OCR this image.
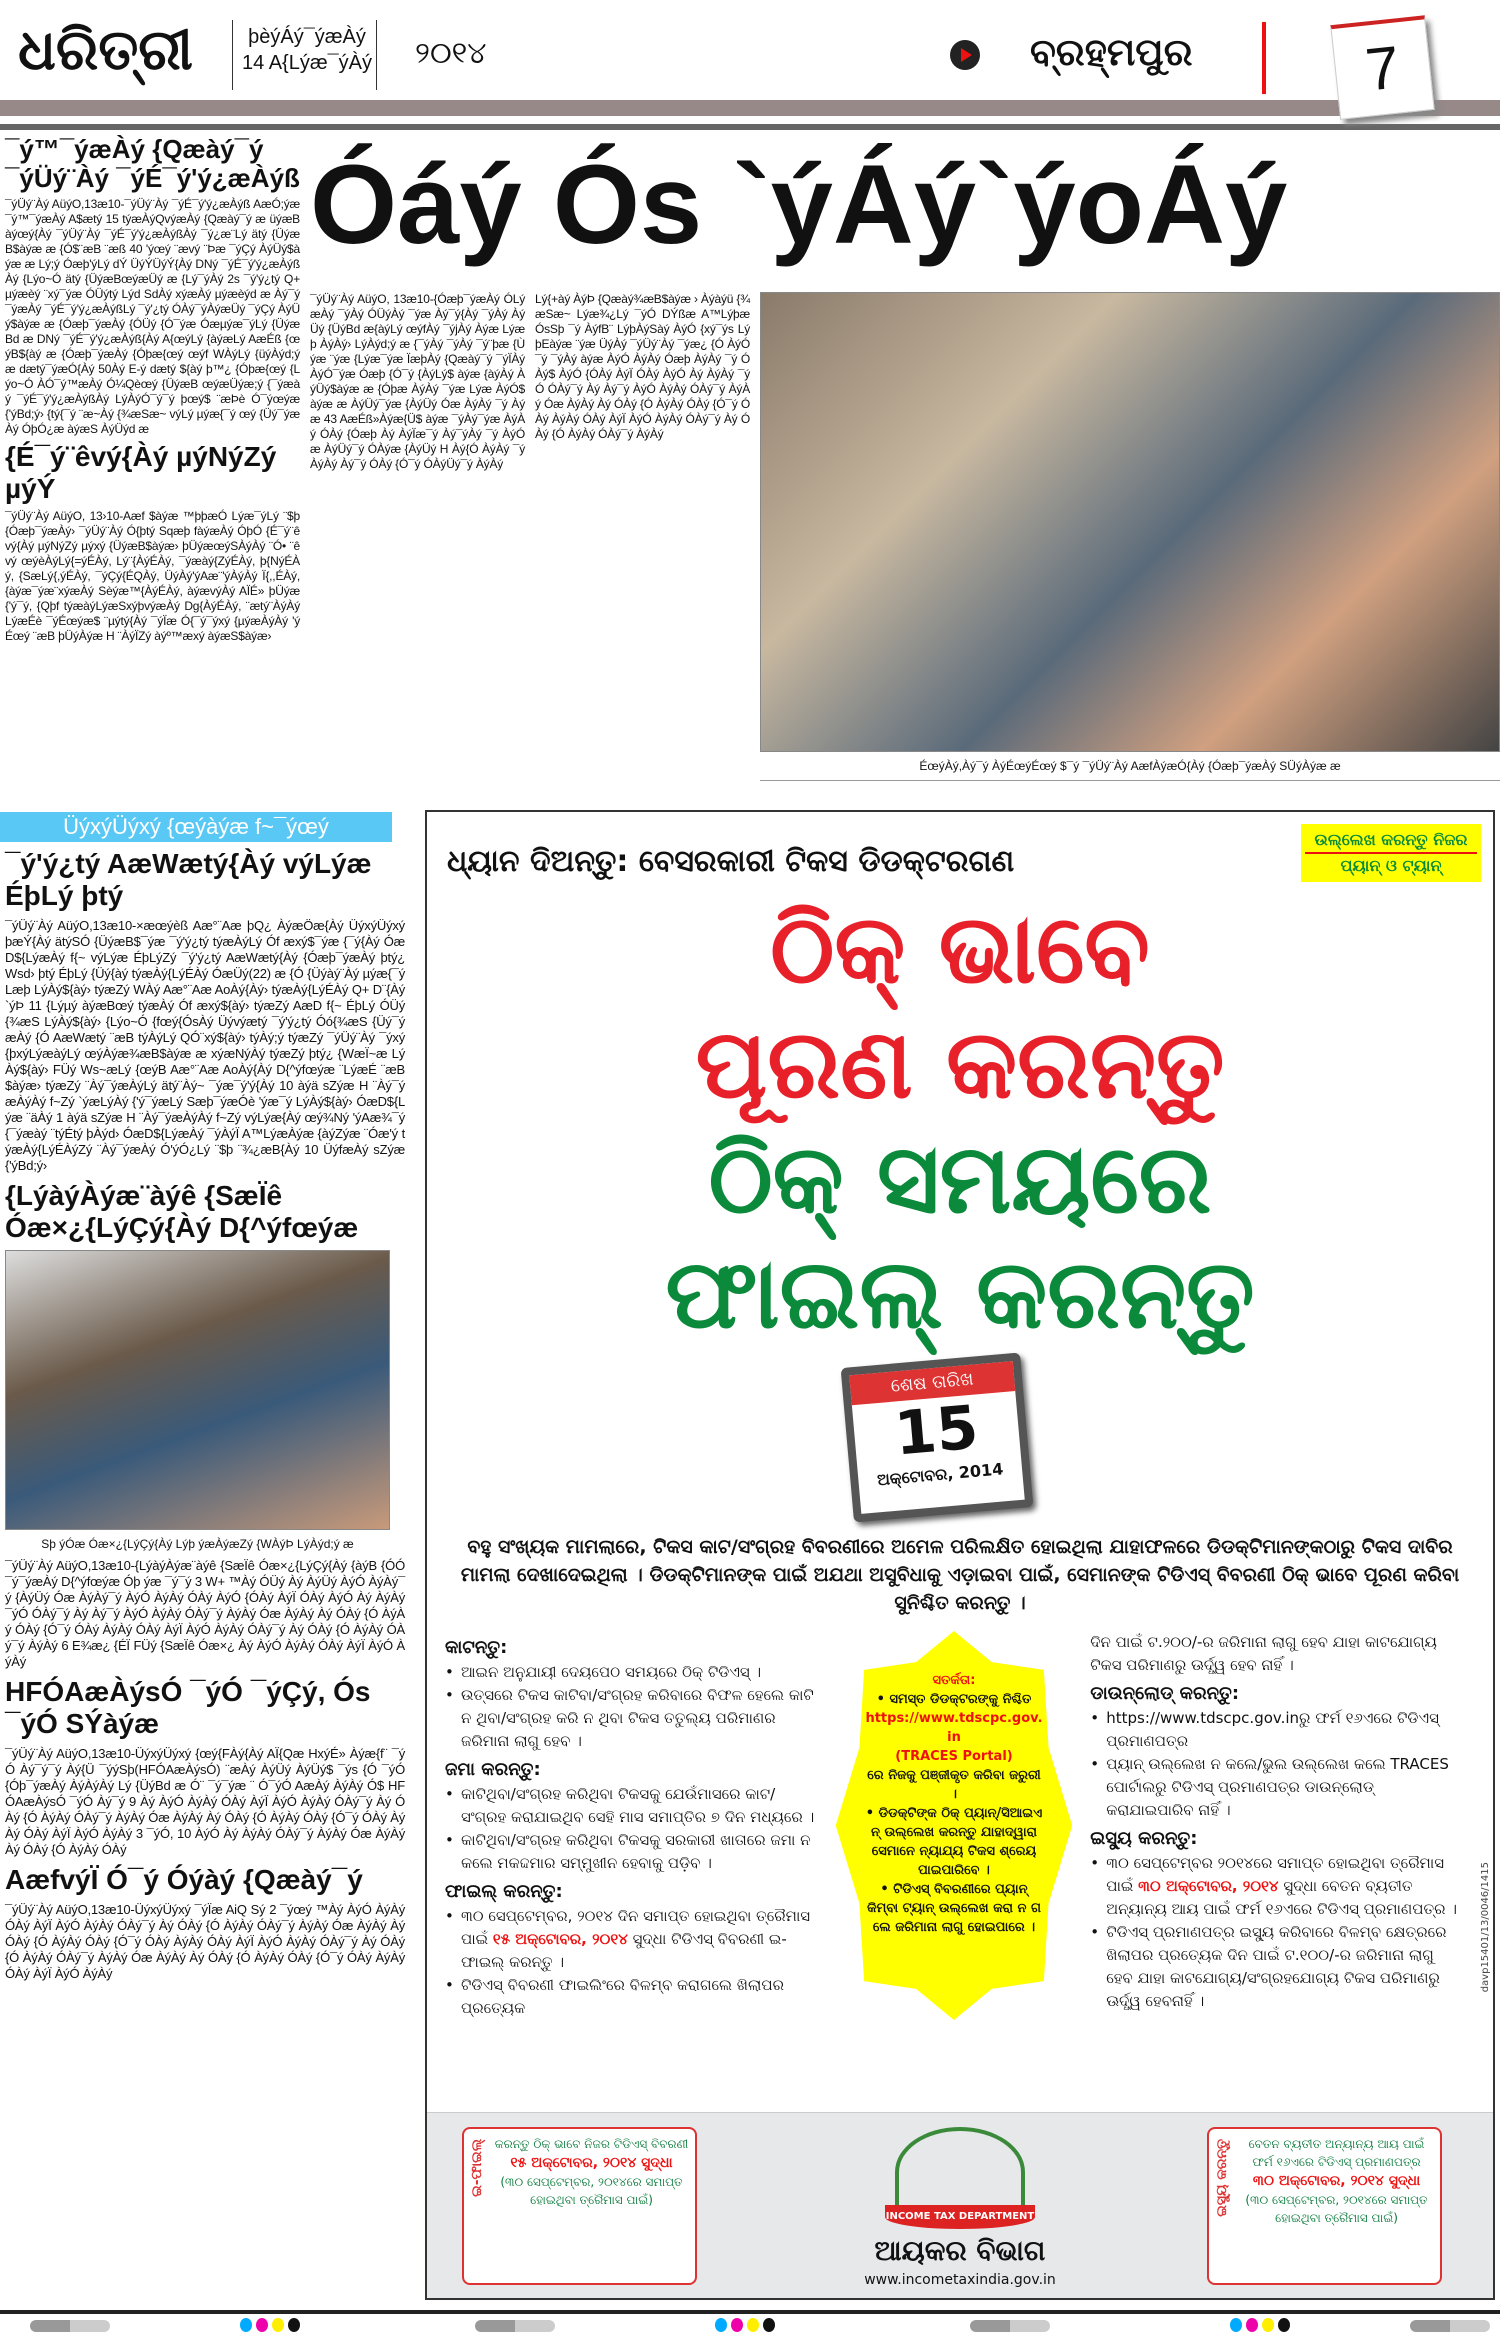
ଧରିତ୍ରୀ	þèýÁý¯ýæÀý
14 A{Lýæ¯ýÀý ୨୦୧୪	ବ୍ରହ୍ମପୁର	7
¯ý™¯ýæÀý {Qæàý¯ý ¯ýÜý¨Àý ¯ýÉ¯ý'ý¿æÀýß
¯ýÜý¨Àý AüýO,13æ10-¯ýÜý¨Àý ¯ýÉ¯ý'ý¿æÀýß AæÓ;ýæ ¯ý™¯ýæÀý A$ætý 15 týæÀýQvýæÀý {Qæàý¯ý æ üýæBàýœý{Àý ¯ýÜý¨Àý ¯ýÉ¯ý'ý¿æÀýßÀý ¯ý¿æ¨Lý ätý {ÜýæB$àýæ æ {Ó$¨æB ¨æß 40 'ýœý ¨ævý ¨Þæ ¯ýÇý ÀýÜý$àýæ æ Lý;ý Óæþ'ýLý dÝ ÜýÝÜýÝ{Àý DNý ¯ýÉ¯ý'ý¿æÀýßÀý {Lýo~Ó ätý {ÜýæBœýæÜý æ {Lý¯ýÀý 2s ¯ý'ý¿tý Q+ µýæèý ¨xý¯ýæ ÓÜýtý Lýd SdÀý xýæÀý µýæèýd æ Àý¯ý¯ýæÀý ¯ýÉ¯ý'ý¿æÀýßLý ¯ý'¿tý ÓÀý¯ýÀýæÜý ¯ýÇý ÀýÜý$àýæ æ {Óæþ¯ýæÀý {ÓÜý {Ó¯ýæ Óæµýæ¯ýLý {ÜýæBd æ DNý ¯ýÉ¯ý'ý¿æÀýß{Àý A{œýLý {àýæLý AæÉß {œýB${àý æ {Óæþ¯ýæÀý {Óþæ{œý œýf WÀýLý {üýÀýd;ý æ dætý¯ýæÓ{Àý 50Àý E-ý dætý ${àý þ™¿ {Óþæ{œý {Lýo~Ó ÀÓ¯ý™æÀý Ó¼Qèœý {ÜýæB œýæÜýæ;ý {¯ýæàý ¯ýÉ¯ý'ý¿æÀýßÀý LýÀýÓ¯ý¯ý þœý$ ¨æÞè Ó¯ýœýæ {'ýBd;ý› {tý{¯ý ¨æ~Àý {¾æSæ~ výLý µýæ{¯ý œý {Üý¯ýæÀý ÓþÓ¿æ àýæS ÀýÜýd æ
{É¯ý¨êvý{Àý µýNýZý µýÝ
¯ýÜý¨Àý AüýO, 13›10-Aæf $àýæ ™þþæÓ Lýæ¯ýLý ¨$þ {Óæþ¯ýæÀý› ¯ýÜý¨Àý Ó{þtý Sqæþ fàýæÀý ÓþÓ {É¯ý¨êvý{Àý µýNýZý µýxý {ÜýæB$àýæ› þÜýæœýSÀýÀý ¨Ó• ¨êvý œýèÀýLý{=ýÉÀý, Lý¨{ÀýÉÀý, ¯ýæàý{ZýÉÀý, þ{NýÉÀý, {SæLý{,ýÉÀý, ¯ýÇý{ÉQÀý, ÜýÀý'ýAæ¨'ýÀýÀý Ï{,,ÉÀý, {àýæ¯ýæ¨xýæÀý Sèýæ™{ÀýÉÀý, àýævýÀý AÏÉ» þÜýæ{'ý¯ý, {Qþf týæàýLýæSxýþvýæÀý Dg{ÀýÉÀý, ¨ætý¨ÀýÀý LýæÉè ¯ýÉœýæ$ ¨µýtý{Àý ¯ýÏæ Ó{¯ý¯ýxý {µýæÀýÀý 'ýÉœý ¨æB þÜýÀýæ H ¨ÀýÏZý àýº™æxý àýæS$àýæ›
Óáý Ós `ýÁý`ýoÁý
¯ýÜý¨Àý AüýO, 13æ10-{Óæþ¯ýæÀý ÓLýæÀý ¯ýÀý ÓÜýÀý ¯ýæ Àý¯ý{Àý ¯ýÀý ÀýÜý {ÜýBd æ{àýLý œýfÀý ¯ýjÀý Àýæ Lýæþ ÀýÀý› LýÀýd;ý æ {¯ýÀý ¯ýÀý ¯ý¨þæ {Ùýæ ¨ýæ {Lýæ¯ýæ ÏæþÀý {Qæàý¯ý ¯ýÏÀý ÀýÓ¯ýæ Óæþ {Ó¯ý {ÀýLý$ àýæ {àýÀý ÀýÜý$àýæ æ {Óþæ ÀýÀý ¯ýæ Lýæ ÀýÓ$ àýæ æ ÀýÜý¯ýæ {ÀýÜý Óæ ÀýÀý ¯ý Àýæ 43 AæÉß»Àýæ{Ü$ àýæ ¯ýÀý¯ýæ ÀýÀý ÓÀý {Óæþ Àý ÀýÏæ¯ý Àý¯ýÀý ¯ý ÀýÓæ ÀýÜý¯ý ÓÀýæ {ÀýÜý H Àý{Ó ÀýÀý ¯ýÀýÀý Àý¯ý ÓÀý {Ó¯ý ÓÀýÜý¯ý ÀýÀý
Lý{+àý ÀýÞ {Qæàý¾æB$àýæ › Àýàýü {¾æSæ~ Lýæ¾¿Lý ¯ýÓ DÝßæ A™Lýþæ ÓsSþ ¯ý ÀýfB¨ LýþÀýSàý ÀýÓ {xý¯ýs LýþEàýæ ¨ýæ ÜýÀý ¯ýÜý¨Àý ¯ýæ¿ {Ó ÀýÓ¯ý ¯ýÀý àýæ ÀýÓ ÀýÀý Óæþ ÀýÀý ¯ý ÓÀý$ ÀýÓ {ÓÀý ÀýÏ ÓÀý ÀýÓ Àý ÀýÀý ¯ýÓ ÓÀý¯ý Àý Àý¯ý ÀýÓ ÀýÀý ÓÀý¯ý ÀýÀý Óæ ÀýÀý Àý ÓÀý {Ó ÀýÀý ÓÀý {Ó¯ý ÓÀý ÀýÀý ÓÀý ÀýÏ ÀýÓ ÀýÀý ÓÀý¯ý Àý ÓÀý {Ó ÀýÀý ÓÀý¯ý ÀýÀý
ÉœýÀý,Àý¯ý ÀýÉœýÉœý $¯ý ¯ýÜý¨Àý AæfÀýæÓ{Àý {Óæþ¯ýæÀý SÜýÀýæ æ
ÜýxýÜýxý {œýàýæ f~¯ýœý
¯ý'ý¿tý AæWætý{Àý výLýæ ÉþLý þtý
¯ýÜý¨Àý AüýO,13æ10-×æœýèß Aæ°¨Aæ þQ¿ ÀýæÖæ{Àý ÜýxýÜýxý þæÝ{Àý ätýSÓ {ÜýæB$¯ýæ ¯ý'ý¿tý týæÀýLý Óf æxý$¯ýæ {¯ý{Àý ÓæD${LýæÀý f{~ výLýæ ÉþLýZý ¯ý'ý¿tý AæWætý{Àý {Óæþ¯ýæÀý þtý¿ Wsd› þtý ÉþLý {Üý{àý týæÀý{LýÉÀý ÓæÜý(22) æ {Ó {Üýàý¨Àý µýæ{¯ý Læþ LýÀý${àý› týæZý WÀý Aæ°¨Aæ AoÀý{Àý› týæÀý{LýÉÀý Q+ D¨{Àý `ýÞ 11 {Lýµý àýæBœý týæÀý Óf æxý${àý› týæZý AæD f{~ ÉþLý ÓÜý{¾æS LýÀý${àý› {Lýo~Ó {fœý{ÓsÀý Üývýætý ¯ý'ý¿tý Óó{¾æS {Üý¯ýæÀý {Ó AæWætý ¨æB týÀýLý QÓ¨xý${àý› týÀý;ý týæZý ¯ýÜý¨Àý ¯ýxý{þxýLýæàýLý œýÀýæ¾æB$àýæ æ xýæNýÀý týæZý þtý¿ {WæÏ~æ LýÀý${àý› FÜý Ws~æLý {œýB Aæ°¨Aæ AoÀý{Àý D{^ýfœýæ ¨LýæÉ ¨æB$àýæ› týæZý ¨Àý¯ýæÀýLý ätý¨Àý~ ¯ýæ¯ý'ý{Àý 10 àýä sZýæ H ¨Àý¯ýæÀýÀý f~Zý `ýæLýÀý {'ý¯ýæLý Sæþ¯ýæÓè 'ýæ¯ý LýÀý${àý› ÓæD${Lýæ ¨äÀý 1 àýä sZýæ H ¨Àý¯ýæÀýÀý f~Zý výLýæ{Àý œý¾Ný 'ýAæ¾¯ý {¯ýæàý ¨týÉtý þÀýd› ÓæD${LýæÀý ¯ýÀýÏ A™LýæÀýæ {àýZýæ ¨Óæ'ý týæÀý{LýÉÀýZý ¨Àý¯ýæÀý Ó'ýÓ¿Lý ¨$þ ¨¾¿æB{Àý 10 ÜýfæÀý sZýæ {'ýBd;ý›
{LýàýÀýæ¨àýê {SæÏê Óæ×¿{LýÇý{Àý D{^ýfœýæ
Sþ ýÓæ Óæ×¿{LýÇý{Àý Lýþ ýæÀýæZý {WÀýÞ LýÀýd;ý æ
¯ýÜý¨Àý AüýO,13æ10-{LýàýÀýæ¨àýê {SæÏê Óæ×¿{LýÇý{Àý {àýB {ÓÓ¯ý¯ýæÀý D{^ýfœýæ Óþ ýæ ¯ý¯ý 3 W+ ™Àý ÓÜý Àý ÀýÜý ÀýÓ ÀýÀý¯ý {ÀýÜý Óæ ÀýÀý¯ý ÀýÓ ÀýÀý ÓÀý ÀýÓ {ÓÀý ÀýÏ ÓÀý ÀýÓ Àý ÀýÀý ¯ýÓ ÓÀý¯ý Àý Àý¯ý ÀýÓ ÀýÀý ÓÀý¯ý ÀýÀý Óæ ÀýÀý Àý ÓÀý {Ó ÀýÀý ÓÀý {Ó¯ý ÓÀý ÀýÀý ÓÀý ÀýÏ ÀýÓ ÀýÀý ÓÀý¯ý Àý ÓÀý {Ó ÀýÀý ÓÀý¯ý ÀýÀý 6 E¾æ¿ {ÉÏ FÜý {SæÏê Óæ×¿ Àý ÀýÓ ÀýÀý ÓÀý ÀýÏ ÀýÓ ÀýÀý
HFÓAæÀýsÓ ¯ýÓ ¯ýÇý, Ós ¯ýÓ SÝàýæ
¯ýÜý¨Àý AüýO,13æ10-ÜýxýÜýxý {œý{FÀý{Àý AÏ{Qæ HxýÉ» Àýæ{f¨ ¯ýÓ Àý¯ý¯ý Àý{Ü ¯ýýSþ(HFÓAæÀýsÓ) ¨æÀý ÀýÜý ÀýÜý$ ¯ýs {Ó ¯ýÓ {Óþ¯ýæÀý ÀýÀýÀý Lý {ÜýBd æ Ó¨ ¯ý¯ýæ ¨ Ó¯ýÓ AæÀý ÀýÀý Ó$ HFÓAæÀýsÓ ¯ýÓ Àý¯ý 9 Àý ÀýÓ ÀýÀý ÓÀý ÀýÏ ÀýÓ ÀýÀý ÓÀý¯ý Àý ÓÀý {Ó ÀýÀý ÓÀý¯ý ÀýÀý Óæ ÀýÀý Àý ÓÀý {Ó ÀýÀý ÓÀý {Ó¯ý ÓÀý ÀýÀý ÓÀý ÀýÏ ÀýÓ ÀýÀý 3 ¯ýÓ, 10 ÀýÓ Àý ÀýÀý ÓÀý¯ý ÀýÀý Óæ ÀýÀý Àý ÓÀý {Ó ÀýÀý ÓÀý
AæfvýÏ Ó¯ý Óýàý {Qæàý¯ý
¯ýÜý¨Àý AüýO,13æ10-ÜýxýÜýxý ¯ýÏæ AiQ Sý 2 ¯ýœý ™Àý ÀýÓ ÀýÀý ÓÀý ÀýÏ ÀýÓ ÀýÀý ÓÀý¯ý Àý ÓÀý {Ó ÀýÀý ÓÀý¯ý ÀýÀý Óæ ÀýÀý Àý ÓÀý {Ó ÀýÀý ÓÀý {Ó¯ý ÓÀý ÀýÀý ÓÀý ÀýÏ ÀýÓ ÀýÀý ÓÀý¯ý Àý ÓÀý {Ó ÀýÀý ÓÀý¯ý ÀýÀý Óæ ÀýÀý Àý ÓÀý {Ó ÀýÀý ÓÀý {Ó¯ý ÓÀý ÀýÀý ÓÀý ÀýÏ ÀýÓ ÀýÀý
ଧ୍ୟାନ ଦିଅନ୍ତୁ: ବେସରକାରୀ ଟିକସ ଡିଡକ୍ଟରଗଣ
ଉଲ୍ଲେଖ କରନ୍ତୁ ନିଜର
ପ୍ୟାନ୍ ଓ ଟ୍ୟାନ୍
ଠିକ୍ ଭାବେ
ପୂରଣ କରନ୍ତୁ
ଠିକ୍ ସମୟରେ
ଫାଇଲ୍ କରନ୍ତୁ
ଶେଷ ତାରିଖ
15
ଅକ୍ଟୋବର, 2014
ବହୁ ସଂଖ୍ୟକ ମାମଲାରେ, ଟିକସ କାଟ/ସଂଗ୍ରହ ବିବରଣୀରେ ଅମେଳ ପରିଲକ୍ଷିତ ହୋଇଥିଲା ଯାହାଫଳରେ ଡିଡକ୍ଟିମାନଙ୍କଠାରୁ ଟିକସ ଦାବିର ମାମଲା ଦେଖାଦେଇଥିଲା । ଡିଡକ୍ଟିମାନଙ୍କ ପାଇଁ ଅଯଥା ଅସୁବିଧାକୁ ଏଡ଼ାଇବା ପାଇଁ, ସେମାନଙ୍କ ଟିଡିଏସ୍ ବିବରଣୀ ଠିକ୍ ଭାବେ ପୂରଣ କରିବା ସୁନିଶ୍ଚିତ କରନ୍ତୁ ।
କାଟନ୍ତୁ:
• ଆଇନ ଅନୁଯାୟୀ ଦେୟପେଠ ସମୟରେ ଠିକ୍ ଟିଡିଏସ୍ ।
• ଉତ୍ସରେ ଟିକସ କାଟିବା/ସଂଗ୍ରହ କରିବାରେ ବିଫଳ ହେଲେ କାଟି ନ ଥିବା/ସଂଗ୍ରହ କରି ନ ଥିବା ଟିକସ ତତୁଲ୍ୟ ପରିମାଣର ଜରିମାନା ଲାଗୁ ହେବ ।
ଜମା କରନ୍ତୁ:
• କାଟିଥିବା/ସଂଗ୍ରହ କରିଥିବା ଟିକସକୁ ଯେଉଁମାସରେ କାଟ/ସଂଗ୍ରହ କରାଯାଇଥିବ ସେହି ମାସ ସମାପ୍ତିର ୭ ଦିନ ମଧ୍ୟରେ ।
• କାଟିଥିବା/ସଂଗ୍ରହ କରିଥିବା ଟିକସକୁ ସରକାରୀ ଖାତାରେ ଜମା ନ କଲେ ମକଦ୍ଦମାର ସମ୍ମୁଖୀନ ହେବାକୁ ପଡ଼ିବ ।
ଫାଇଲ୍ କରନ୍ତୁ:
• ୩୦ ସେପ୍ଟେମ୍ବର, ୨୦୧୪ ଦିନ ସମାପ୍ତ ହୋଇଥିବା ତ୍ରୈମାସ ପାଇଁ ୧୫ ଅକ୍ଟୋବର, ୨୦୧୪ ସୁଦ୍ଧା ଟିଡିଏସ୍ ବିବରଣୀ ଇ-ଫାଇଲ୍ କରନ୍ତୁ ।
• ଟିଡିଏସ୍ ବିବରଣୀ ଫାଇଲିଂରେ ବିଳମ୍ବ କରାଗଲେ ଖିଲାପର ପ୍ରତ୍ୟେକ
ସତର୍କତା:
• ସମସ୍ତ ଡିଡକ୍ଟରଙ୍କୁ ନିଶ୍ଚିତ
https://www.tdscpc.gov.in
(TRACES Portal)
ରେ ନିଜକୁ ପଞ୍ଜୀକୃତ କରିବା ଜରୁରୀ ।
• ଡିଡକ୍ଟିଙ୍କ ଠିକ୍ ପ୍ୟାନ୍/ସିଆଇଏନ୍ ଉଲ୍ଲେଖ କରନ୍ତୁ ଯାହାଦ୍ୱାରା ସେମାନେ ନ୍ୟାଯ୍ୟ ଟିକସ ଶ୍ରେୟ ପାଇପାରିବେ ।
• ଟିଡିଏସ୍ ବିବରଣୀରେ ପ୍ୟାନ୍ କିମ୍ବା ଟ୍ୟାନ୍ ଉଲ୍ଲେଖ କରା ନ ଗଲେ ଜରିମାନା ଲାଗୁ ହୋଇପାରେ ।
ଦିନ ପାଇଁ ଟ.୨୦୦/-ର ଜରିମାନା ଲାଗୁ ହେବ ଯାହା କାଟଯୋଗ୍ୟ ଟିକସ ପରିମାଣରୁ ଊର୍ଦ୍ଧ୍ୱ ହେବ ନାହିଁ ।
ଡାଉନ୍‌ଲୋଡ୍ କରନ୍ତୁ:
• https://www.tdscpc.gov.inରୁ ଫର୍ମ ୧୬ଏରେ ଟିଡିଏସ୍ ପ୍ରମାଣପତ୍ର
• ପ୍ୟାନ୍ ଉଲ୍ଲେଖ ନ କଲେ/ଭୁଲ ଉଲ୍ଲେଖ କଲେ TRACES ପୋର୍ଟାଲରୁ ଟିଡିଏସ୍ ପ୍ରମାଣପତ୍ର ଡାଉନ୍‌ଲୋଡ୍ କରାଯାଇପାରିବ ନାହିଁ ।
ଇସ୍ୟୁ କରନ୍ତୁ:
• ୩୦ ସେପ୍ଟେମ୍ବର ୨୦୧୪ରେ ସମାପ୍ତ ହୋଇଥିବା ତ୍ରୈମାସ ପାଇଁ ୩୦ ଅକ୍ଟୋବର, ୨୦୧୪ ସୁଦ୍ଧା ବେତନ ବ୍ୟତୀତ ଅନ୍ୟାନ୍ୟ ଆୟ ପାଇଁ ଫର୍ମ ୧୬ଏରେ ଟିଡିଏସ୍ ପ୍ରମାଣପତ୍ର ।
• ଟିଡିଏସ୍ ପ୍ରମାଣପତ୍ର ଇସ୍ୟୁ କରିବାରେ ବିଳମ୍ବ କ୍ଷେତ୍ରରେ ଖିଲାପର ପ୍ରତ୍ୟେକ ଦିନ ପାଇଁ ଟ.୧୦୦/-ର ଜରିମାନା ଲାଗୁ ହେବ ଯାହା କାଟଯୋଗ୍ୟ/ସଂଗ୍ରହଯୋଗ୍ୟ ଟିକସ ପରିମାଣରୁ ଊର୍ଦ୍ଧ୍ୱ ହେବନାହିଁ ।
davp15401/13/0046/1415
ଇ-ଫାଇଲ୍ କରନ୍ତୁ ଠିକ୍ ଭାବେ ନିଜର ଟିଡିଏସ୍ ବିବରଣୀ
୧୫ ଅକ୍ଟୋବର, ୨୦୧୪ ସୁଦ୍ଧା
(୩୦ ସେପ୍ଟେମ୍ବର, ୨୦୧୪ରେ ସମାପ୍ତ ହୋଇଥିବା ତ୍ରୈମାସ ପାଇଁ)
INCOME TAX DEPARTMENT
ଆୟକର ବିଭାଗ
www.incometaxindia.gov.in
ଇସ୍ୟୁ କରନ୍ତୁ	ବେତନ ବ୍ୟତୀତ ଅନ୍ୟାନ୍ୟ ଆୟ ପାଇଁ ଫର୍ମ ୧୬ଏରେ ଟିଡିଏସ୍ ପ୍ରମାଣପତ୍ର
୩୦ ଅକ୍ଟୋବର, ୨୦୧୪ ସୁଦ୍ଧା
(୩୦ ସେପ୍ଟେମ୍ବର, ୨୦୧୪ରେ ସମାପ୍ତ ହୋଇଥିବା ତ୍ରୈମାସ ପାଇଁ)
